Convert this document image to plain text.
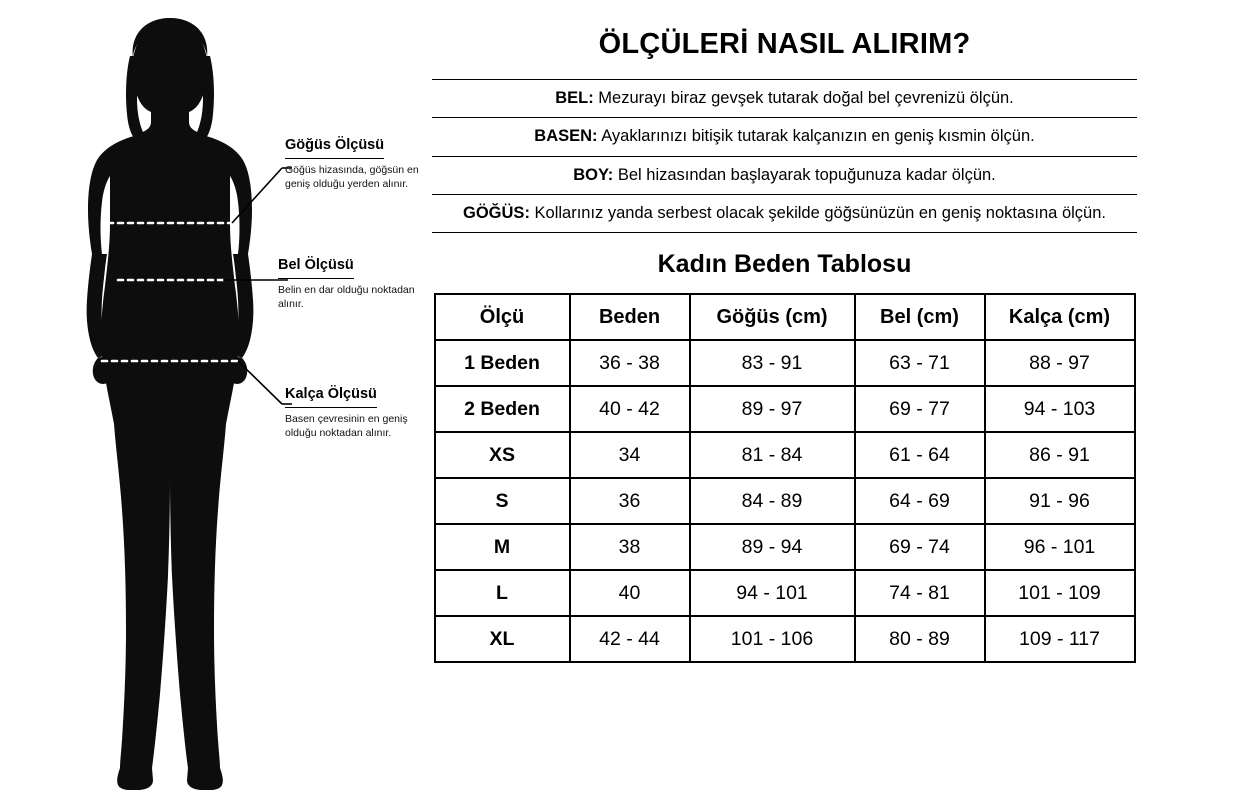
Göğüs Ölçüsü
Göğüs hizasında, göğsün en geniş olduğu yerden alınır.
Bel Ölçüsü
Belin en dar olduğu noktadan alınır.
Kalça Ölçüsü
Basen çevresinin en geniş olduğu noktadan alınır.
ÖLÇÜLERİ NASIL ALIRIM?
BEL: Mezurayı biraz gevşek tutarak doğal bel çevrenizü ölçün.
BASEN: Ayaklarınızı bitişik tutarak kalçanızın en geniş kısmin ölçün.
BOY: Bel hizasından başlayarak topuğunuza kadar ölçün.
GÖĞÜS: Kollarınız yanda serbest olacak şekilde göğsünüzün en geniş noktasına ölçün.
Kadın Beden Tablosu
Ölçü	Beden	Göğüs (cm)	Bel (cm)	Kalça (cm)
1 Beden	36 - 38	83 - 91	63 - 71	88 - 97
2 Beden	40 - 42	89 - 97	69 - 77	94 - 103
XS	34	81 - 84	61 - 64	86 - 91
S	36	84 - 89	64 - 69	91 - 96
M	38	89 - 94	69 - 74	96 - 101
L	40	94 - 101	74 - 81	101 - 109
XL	42 - 44	101 - 106	80 - 89	109 - 117
